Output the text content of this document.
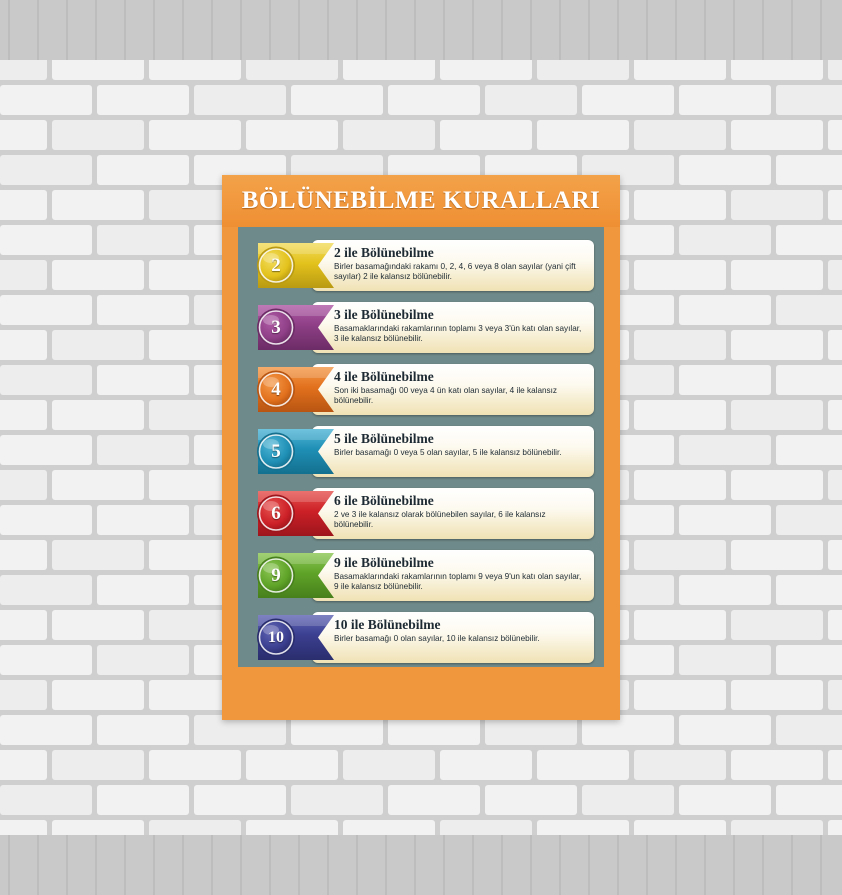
BÖLÜNEBİLME KURALLARI

2 ile Bölünebilme

Birler basamağındaki rakamı 0, 2, 4, 6 veya 8 olan sayılar (yani çift sayılar) 2 ile kalansız bölünebilir.

2

3 ile Bölünebilme

Basamaklarındaki rakamlarının toplamı 3 veya 3'ün katı olan sayılar, 3 ile kalansız bölünebilir.

3

4 ile Bölünebilme

Son iki basamağı 00 veya 4 ün katı olan sayılar, 4 ile kalansız bölünebilir.

4

5 ile Bölünebilme

Birler basamağı 0 veya 5 olan sayılar, 5 ile kalansız bölünebilir.

5

6 ile Bölünebilme

2 ve 3 ile kalansız olarak bölünebilen sayılar, 6 ile kalansız bölünebilir.

6

9 ile Bölünebilme

Basamaklarındaki rakamlarının toplamı 9 veya 9'un katı olan sayılar, 9 ile kalansız bölünebilir.

9

10 ile Bölünebilme

Birler basamağı 0 olan sayılar, 10 ile kalansız bölünebilir.

10
